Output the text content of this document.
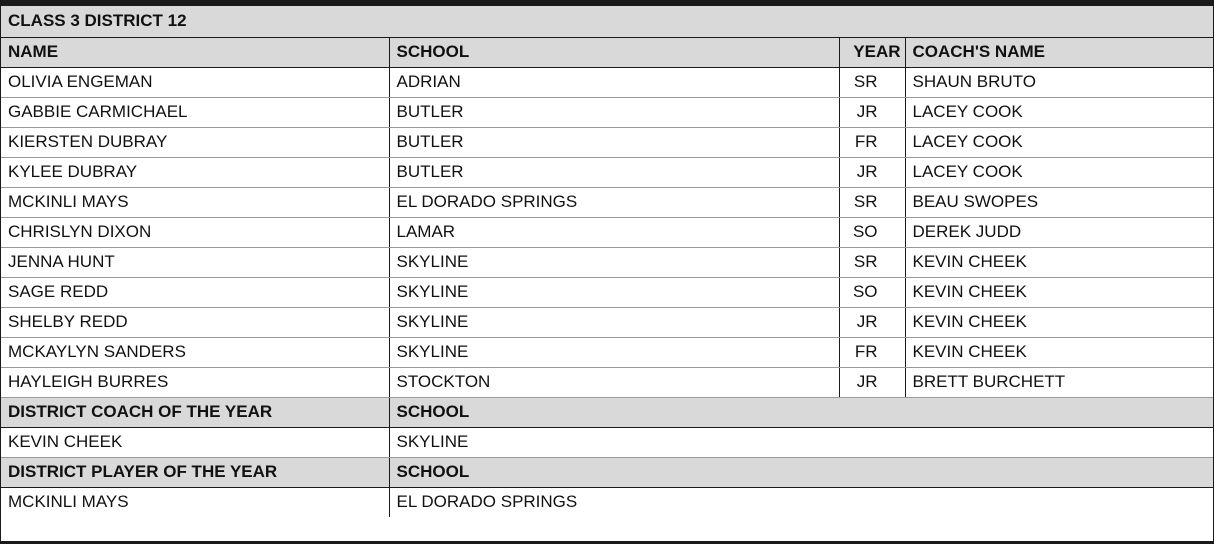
CLASS 3 DISTRICT 12			
NAME	SCHOOL	YEAR	COACH'S NAME
OLIVIA ENGEMAN	ADRIAN	SR	SHAUN BRUTO
GABBIE CARMICHAEL	BUTLER	JR	LACEY COOK
KIERSTEN DUBRAY	BUTLER	FR	LACEY COOK
KYLEE DUBRAY	BUTLER	JR	LACEY COOK
MCKINLI MAYS	EL DORADO SPRINGS	SR	BEAU SWOPES
CHRISLYN DIXON	LAMAR	SO	DEREK JUDD
JENNA HUNT	SKYLINE	SR	KEVIN CHEEK
SAGE REDD	SKYLINE	SO	KEVIN CHEEK
SHELBY REDD	SKYLINE	JR	KEVIN CHEEK
MCKAYLYN SANDERS	SKYLINE	FR	KEVIN CHEEK
HAYLEIGH BURRES	STOCKTON	JR	BRETT BURCHETT
DISTRICT COACH OF THE YEAR	SCHOOL		
KEVIN CHEEK	SKYLINE		
DISTRICT PLAYER OF THE YEAR	SCHOOL		
MCKINLI MAYS	EL DORADO SPRINGS		
